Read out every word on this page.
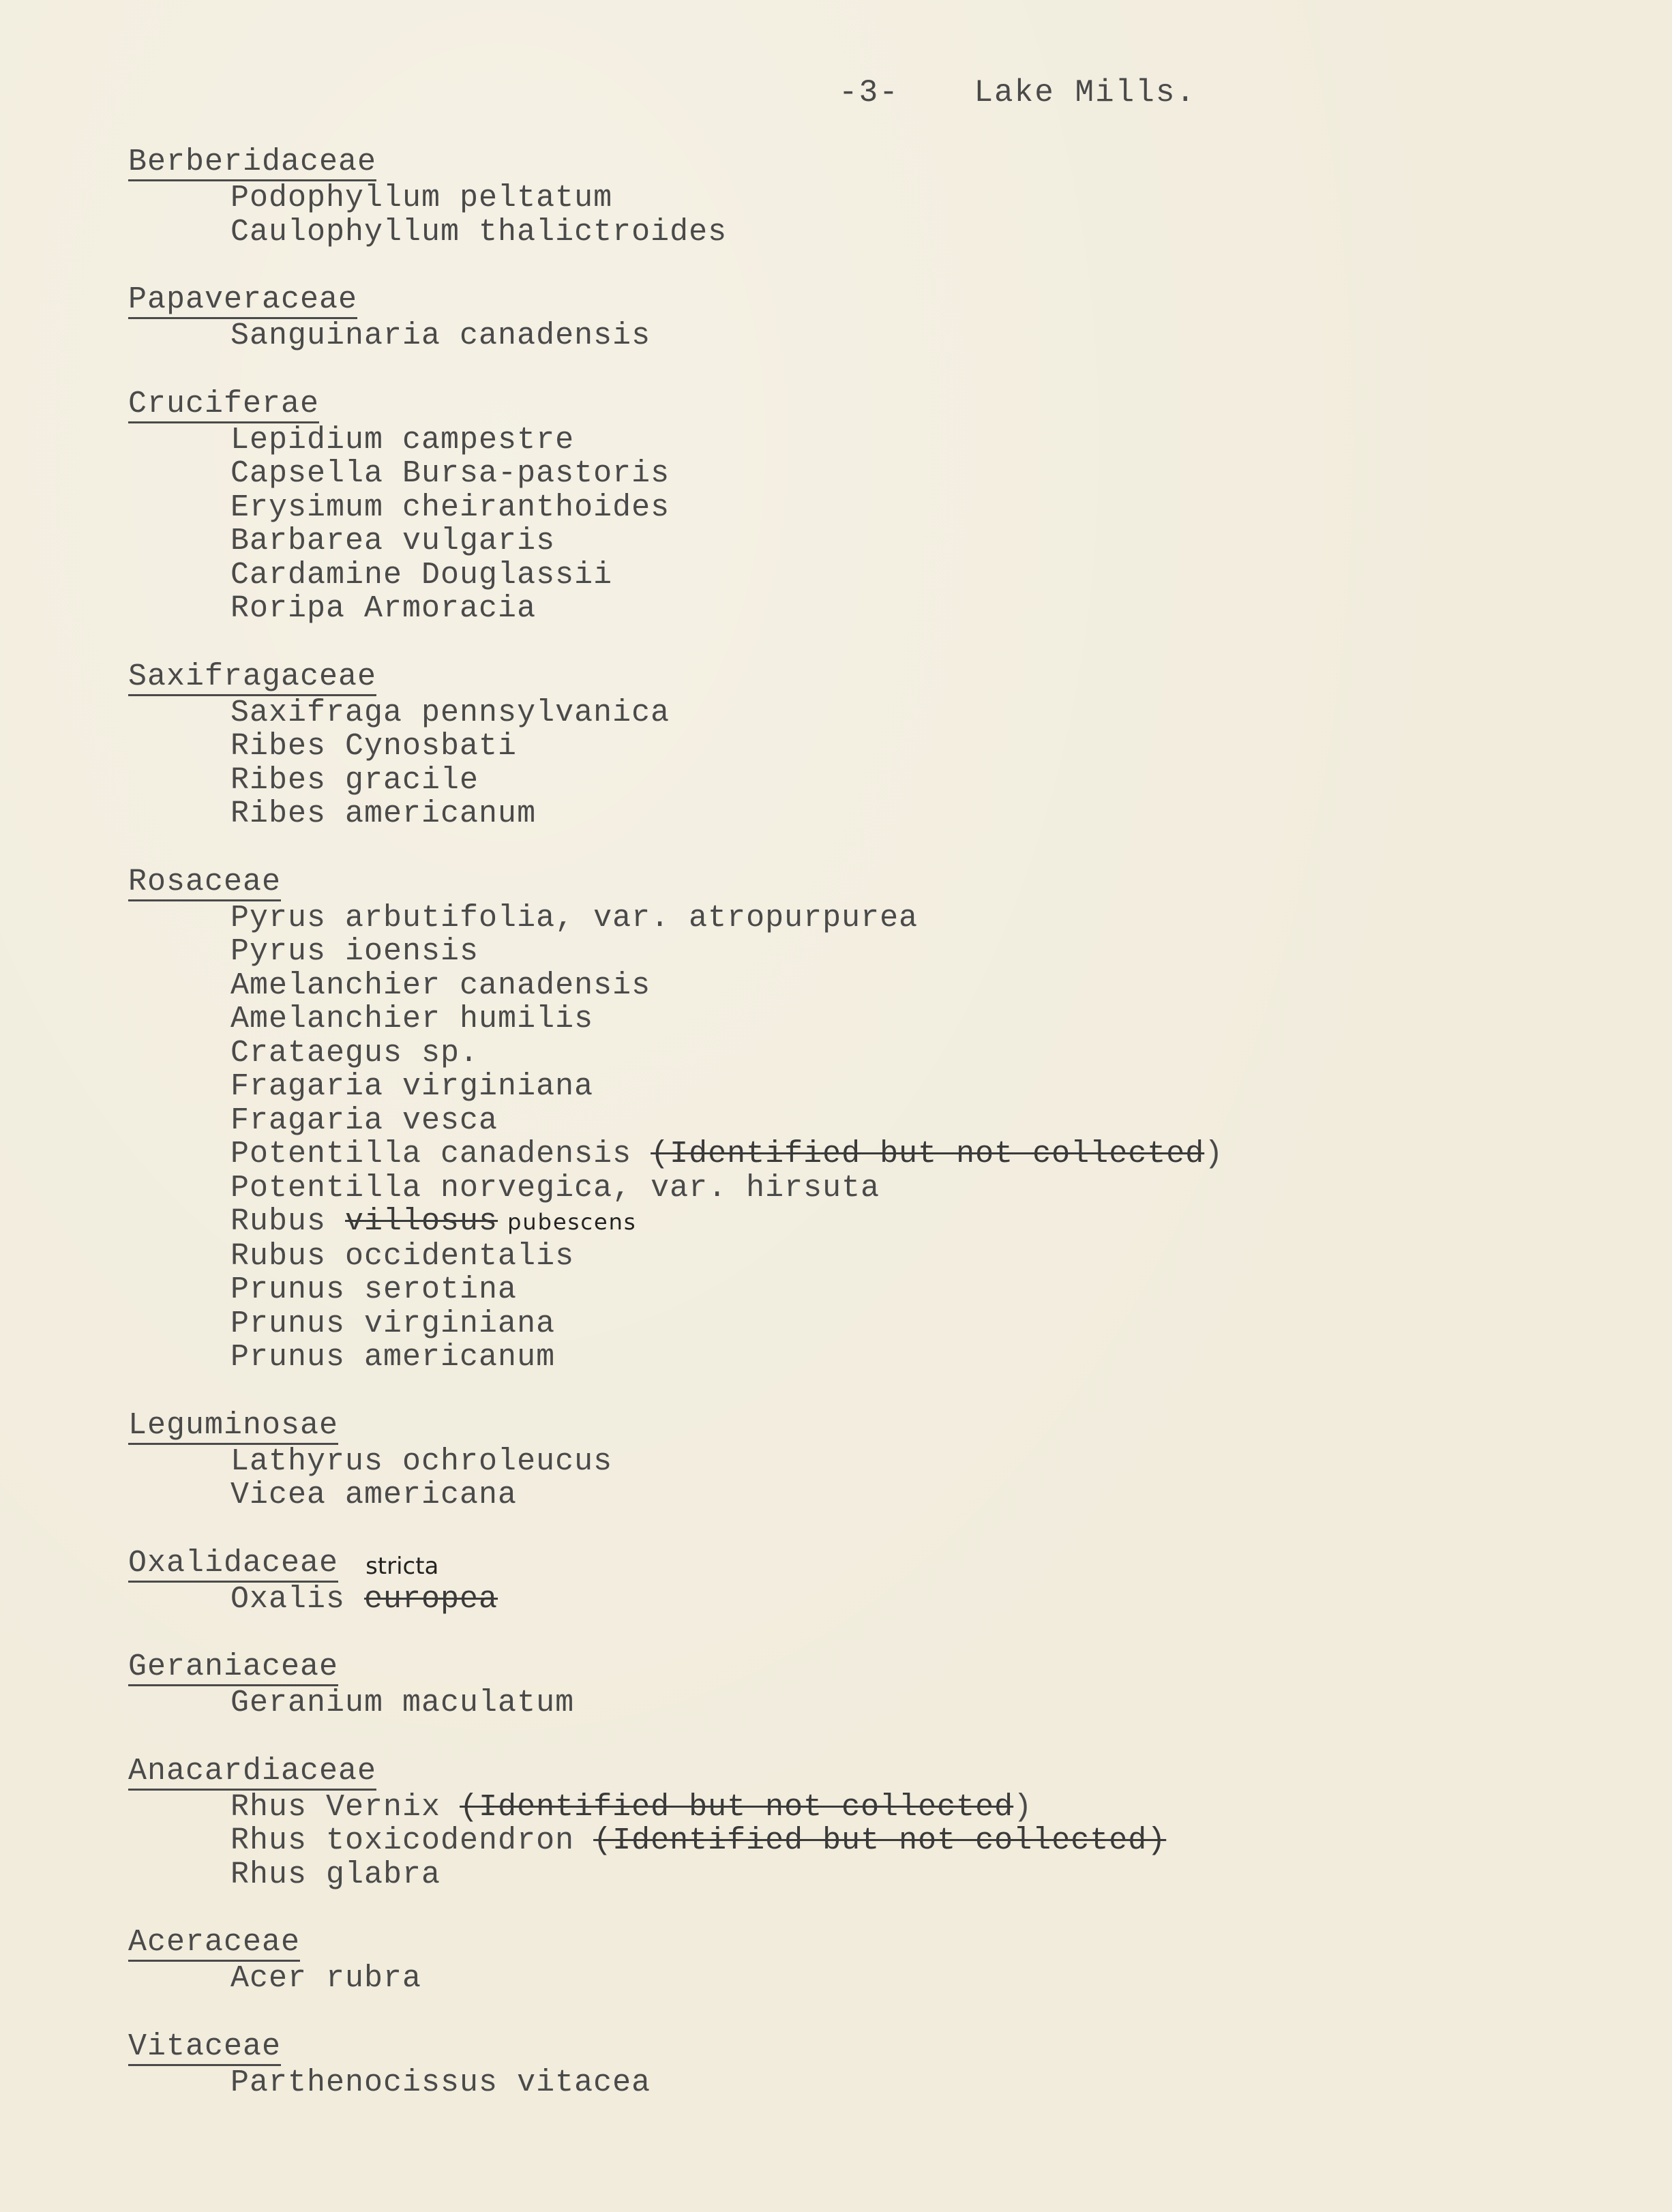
-3- Lake Mills.
Berberidaceae
Podophyllum peltatum
Caulophyllum thalictroides
Papaveraceae
Sanguinaria canadensis
Cruciferae
Lepidium campestre
Capsella Bursa-pastoris
Erysimum cheiranthoides
Barbarea vulgaris
Cardamine Douglassii
Roripa Armoracia
Saxifragaceae
Saxifraga pennsylvanica
Ribes Cynosbati
Ribes gracile
Ribes americanum
Rosaceae
Pyrus arbutifolia, var. atropurpurea
Pyrus ioensis
Amelanchier canadensis
Amelanchier humilis
Crataegus sp.
Fragaria virginiana
Fragaria vesca
Potentilla canadensis (Identified but not collected)
Potentilla norvegica, var. hirsuta
Rubus villosus pubescens
Rubus occidentalis
Prunus serotina
Prunus virginiana
Prunus americanum
Leguminosae
Lathyrus ochroleucus
Vicea americana
Oxalidaceae stricta
Oxalis europea
Geraniaceae
Geranium maculatum
Anacardiaceae
Rhus Vernix (Identified but not collected)
Rhus toxicodendron (Identified but not collected)
Rhus glabra
Aceraceae
Acer rubra
Vitaceae
Parthenocissus vitacea
